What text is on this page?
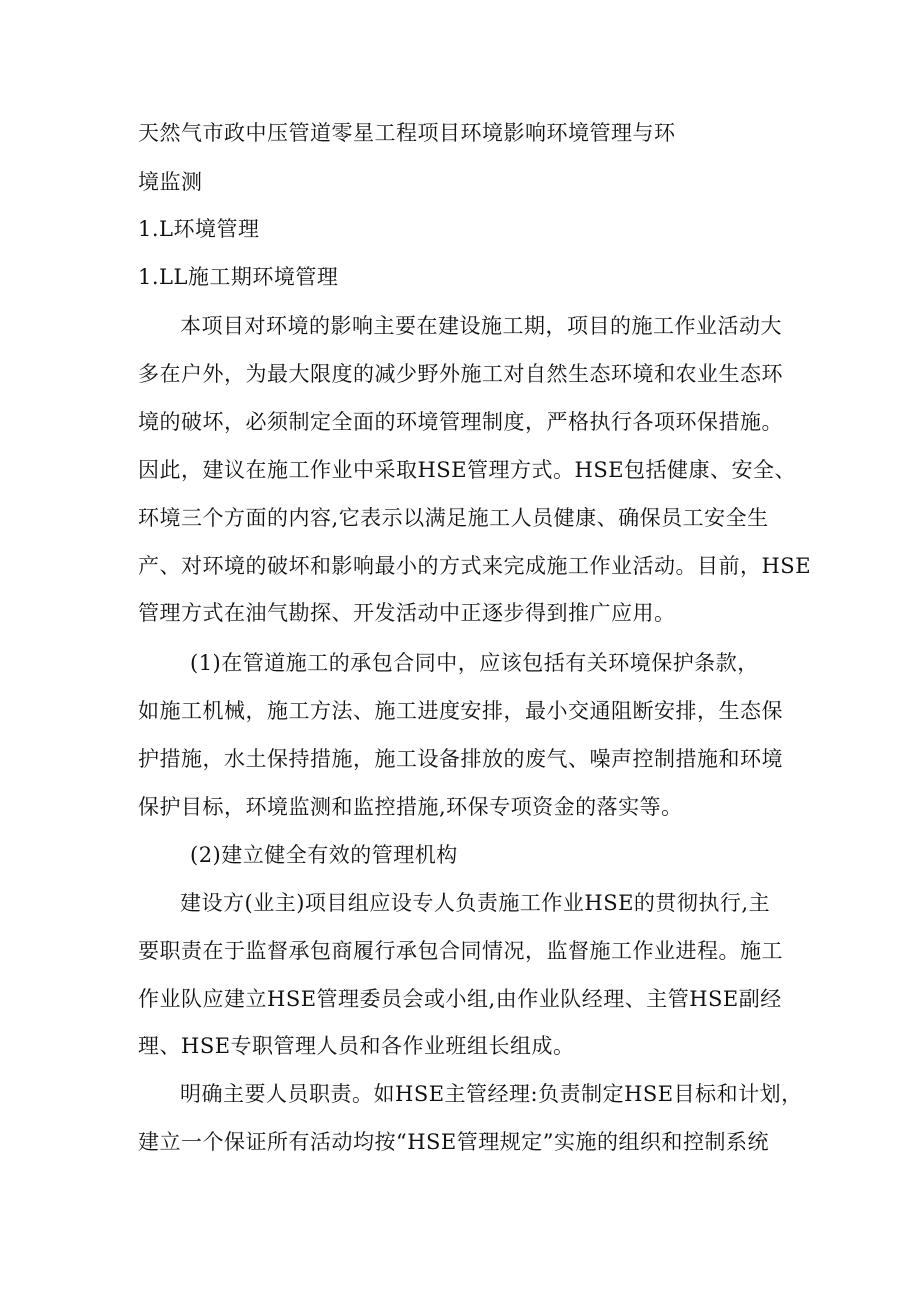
天然气市政中压管道零星工程项目环境影响环境管理与环
境监测
1.L环境管理
1.LL施工期环境管理
本项目对环境的影响主要在建设施工期，项目的施工作业活动大
多在户外，为最大限度的减少野外施工对自然生态环境和农业生态环
境的破坏，必须制定全面的环境管理制度，严格执行各项环保措施。
因此，建议在施工作业中采取HSE管理方式。HSE包括健康、安全、
环境三个方面的内容,它表示以满足施工人员健康、确保员工安全生
产、对环境的破坏和影响最小的方式来完成施工作业活动。目前，HSE
管理方式在油气勘探、开发活动中正逐步得到推广应用。
(1)在管道施工的承包合同中，应该包括有关环境保护条款，
如施工机械，施工方法、施工进度安排，最小交通阻断安排，生态保
护措施，水土保持措施，施工设备排放的废气、噪声控制措施和环境
保护目标，环境监测和监控措施,环保专项资金的落实等。
(2)建立健全有效的管理机构
建设方(业主)项目组应设专人负责施工作业HSE的贯彻执行,主
要职责在于监督承包商履行承包合同情况，监督施工作业进程。施工
作业队应建立HSE管理委员会或小组,由作业队经理、主管HSE副经
理、HSE专职管理人员和各作业班组长组成。
明确主要人员职责。如HSE主管经理:负责制定HSE目标和计划，
建立一个保证所有活动均按“HSE管理规定”实施的组织和控制系统
